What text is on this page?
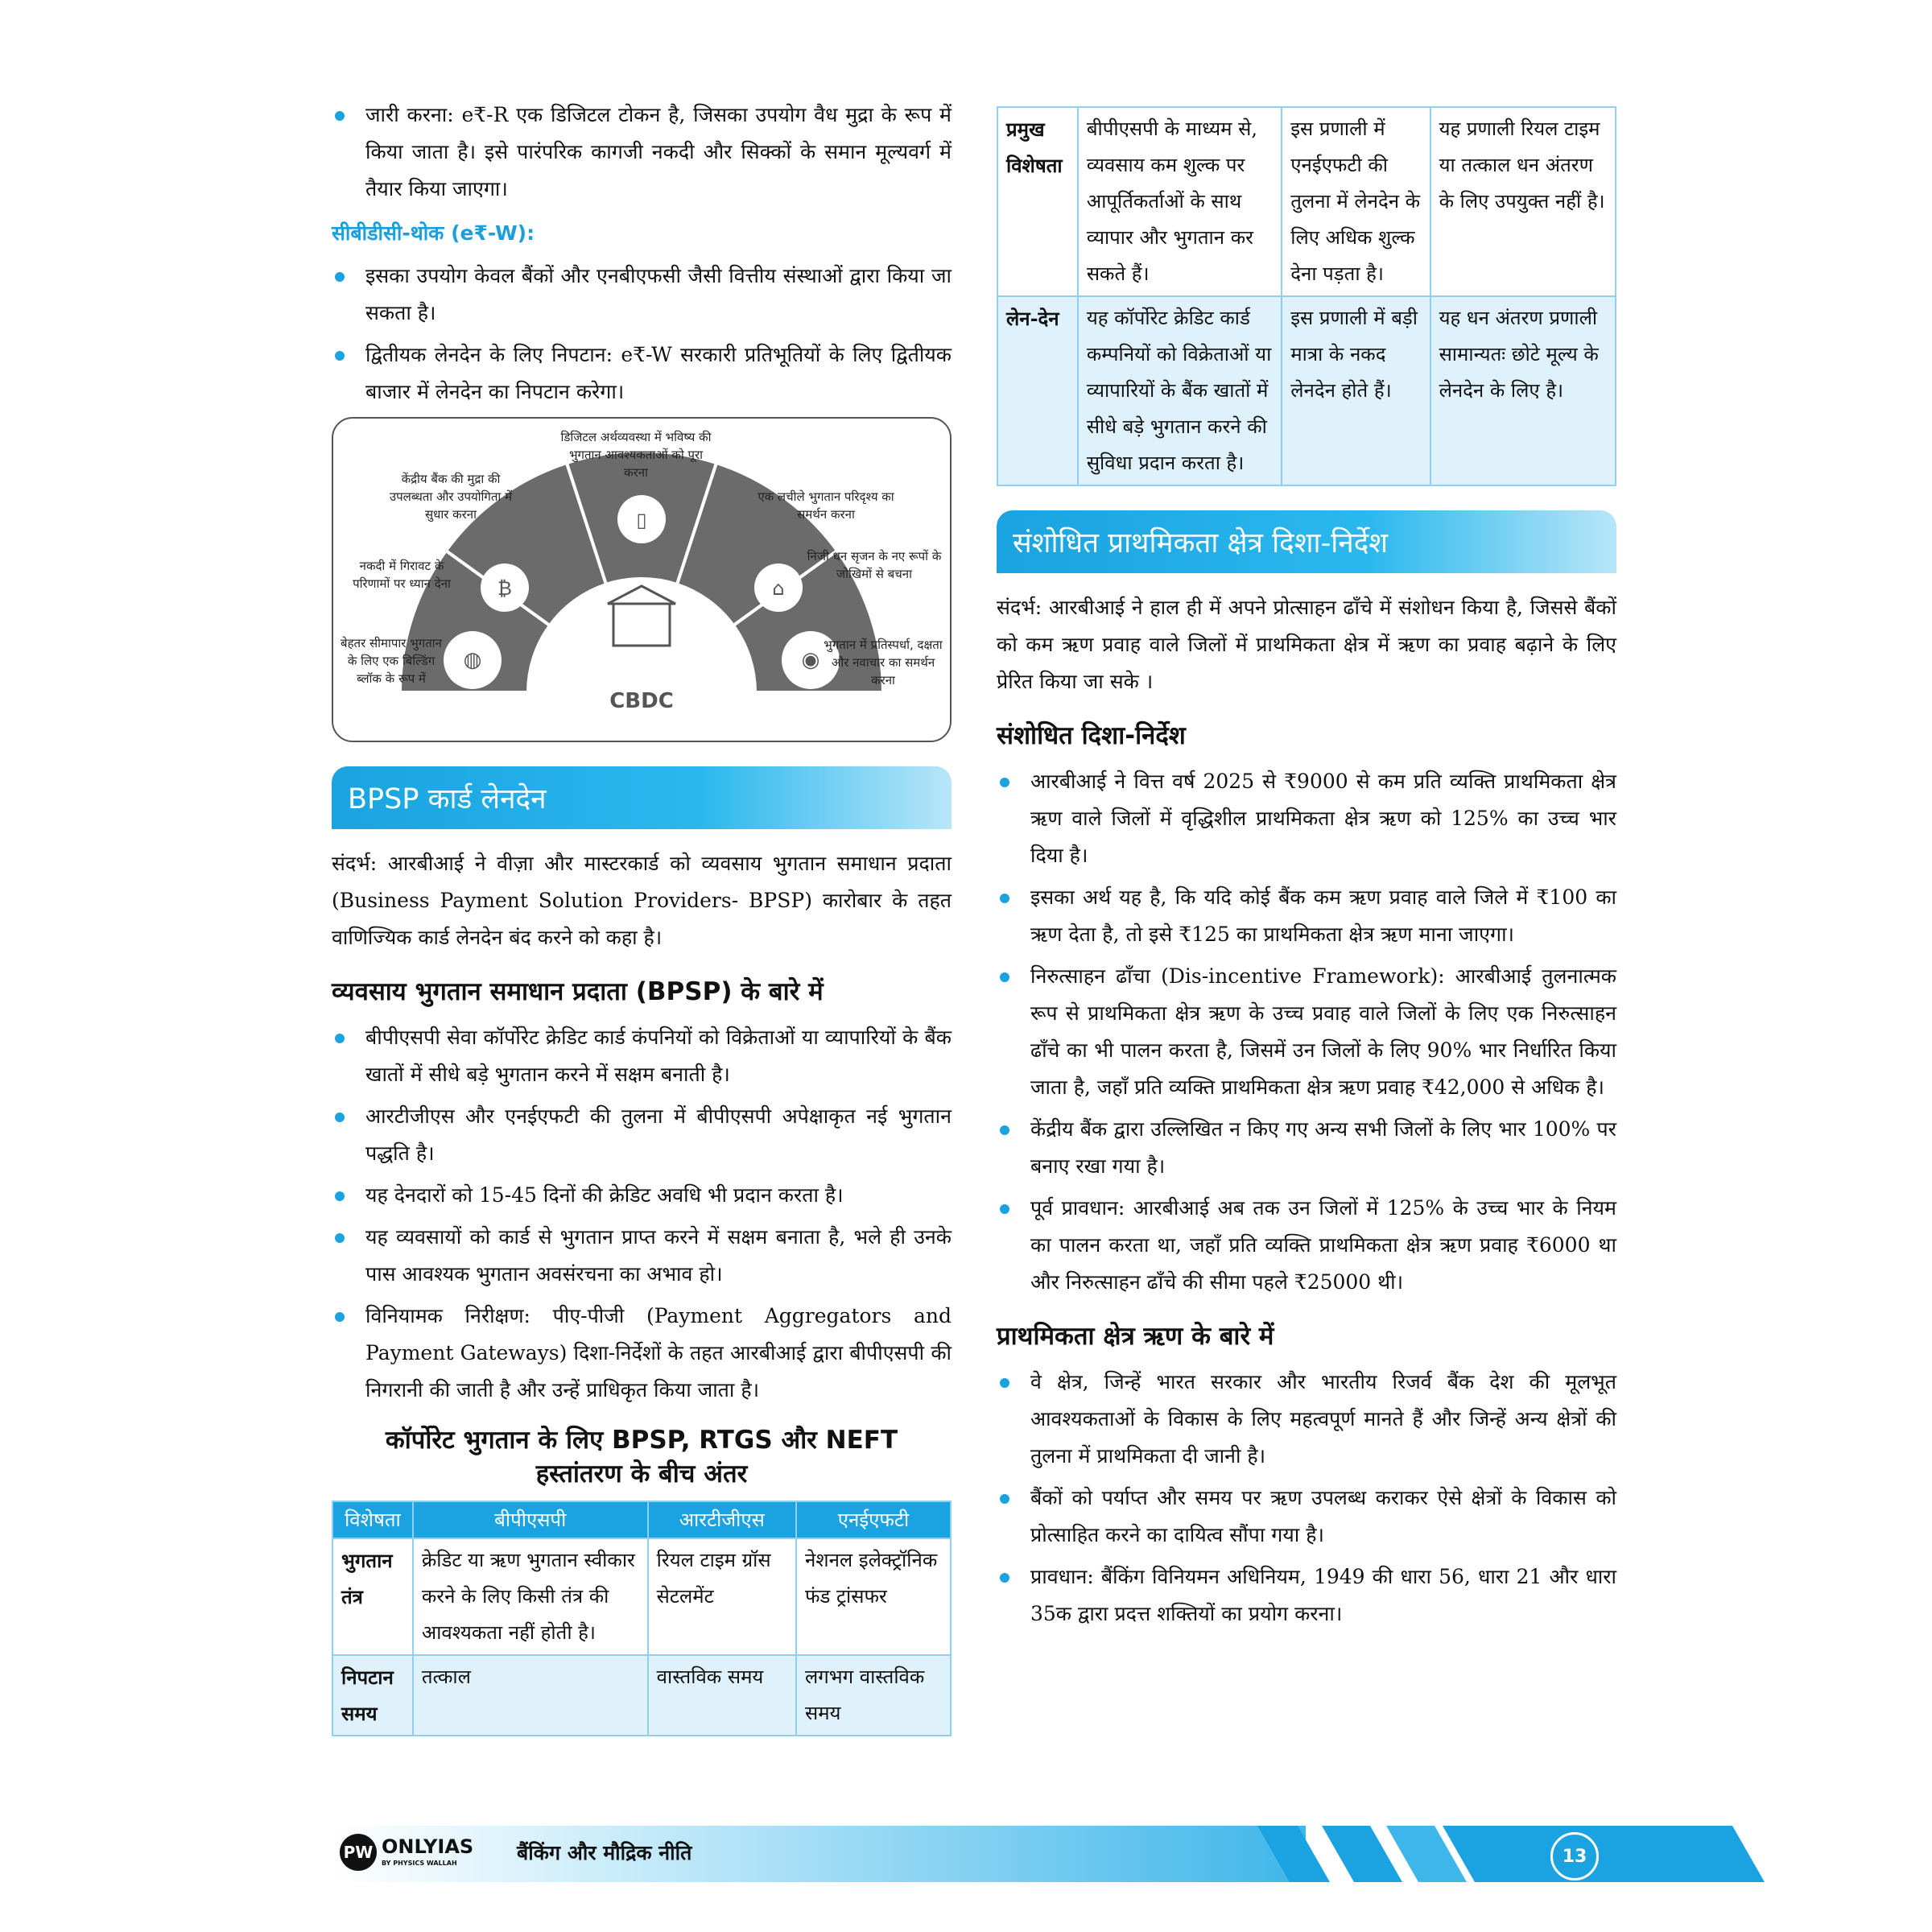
जारी करना: e₹-R एक डिजिटल टोकन है, जिसका उपयोग वैध मुद्रा के रूप में किया जाता है। इसे पारंपरिक कागजी नकदी और सिक्कों के समान मूल्यवर्ग में तैयार किया जाएगा।

सीबीडीसी-थोक (e₹-W):

इसका उपयोग केवल बैंकों और एनबीएफसी जैसी वित्तीय संस्थाओं द्वारा किया जा सकता है।

द्वितीयक लेनदेन के लिए निपटान: e₹-W सरकारी प्रतिभूतियों के लिए द्वितीयक बाजार में लेनदेन का निपटान करेगा।

◍
₿
▯
⌂
◉
CBDC
बेहतर सीमापार भुगतान के लिए एक बिल्डिंग ब्लॉक के रूप में
नकदी में गिरावट के परिणामों पर ध्यान देना
केंद्रीय बैंक की मुद्रा की उपलब्धता और उपयोगिता में सुधार करना
डिजिटल अर्थव्यवस्था में भविष्य की भुगतान आवश्यकताओं को पूरा करना
एक लचीले भुगतान परिदृश्य का समर्थन करना
निजी धन सृजन के नए रूपों के जोखिमों से बचना
भुगतान में प्रतिस्पर्धा, दक्षता और नवाचार का समर्थन करना
BPSP कार्ड लेनदेन

संदर्भ: आरबीआई ने वीज़ा और मास्टरकार्ड को व्यवसाय भुगतान समाधान प्रदाता (Business Payment Solution Providers- BPSP) कारोबार के तहत वाणिज्यिक कार्ड लेनदेन बंद करने को कहा है।

व्यवसाय भुगतान समाधान प्रदाता (BPSP) के बारे में

बीपीएसपी सेवा कॉर्पोरेट क्रेडिट कार्ड कंपनियों को विक्रेताओं या व्यापारियों के बैंक खातों में सीधे बड़े भुगतान करने में सक्षम बनाती है।

आरटीजीएस और एनईएफटी की तुलना में बीपीएसपी अपेक्षाकृत नई भुगतान पद्धति है।

यह देनदारों को 15-45 दिनों की क्रेडिट अवधि भी प्रदान करता है।

यह व्यवसायों को कार्ड से भुगतान प्राप्त करने में सक्षम बनाता है, भले ही उनके पास आवश्यक भुगतान अवसंरचना का अभाव हो।

विनियामक निरीक्षण: पीए-पीजी (Payment Aggregators and Payment Gateways) दिशा-निर्देशों के तहत आरबीआई द्वारा बीपीएसपी की निगरानी की जाती है और उन्हें प्राधिकृत किया जाता है।

कॉर्पोरेट भुगतान के लिए BPSP, RTGS और NEFT
हस्तांतरण के बीच अंतर
विशेषता	बीपीएसपी	आरटीजीएस	एनईएफटी
भुगतान तंत्र	क्रेडिट या ऋण भुगतान स्वीकार करने के लिए किसी तंत्र की आवश्यकता नहीं होती है।	रियल टाइम ग्रॉस सेटलमेंट	नेशनल इलेक्ट्रॉनिक फंड ट्रांसफर
निपटान समय	तत्काल	वास्तविक समय	लगभग वास्तविक समय
प्रमुख विशेषता	बीपीएसपी के माध्यम से, व्यवसाय कम शुल्क पर आपूर्तिकर्ताओं के साथ व्यापार और भुगतान कर सकते हैं।	इस प्रणाली में एनईएफटी की तुलना में लेनदेन के लिए अधिक शुल्क देना पड़ता है।	यह प्रणाली रियल टाइम या तत्काल धन अंतरण के लिए उपयुक्त नहीं है।
लेन-देन	यह कॉर्पोरेट क्रेडिट कार्ड कम्पनियों को विक्रेताओं या व्यापारियों के बैंक खातों में सीधे बड़े भुगतान करने की सुविधा प्रदान करता है।	इस प्रणाली में बड़ी मात्रा के नकद लेनदेन होते हैं।	यह धन अंतरण प्रणाली सामान्यतः छोटे मूल्य के लेनदेन के लिए है।
संशोधित प्राथमिकता क्षेत्र दिशा-निर्देश

संदर्भ: आरबीआई ने हाल ही में अपने प्रोत्साहन ढाँचे में संशोधन किया है, जिससे बैंकों को कम ऋण प्रवाह वाले जिलों में प्राथमिकता क्षेत्र में ऋण का प्रवाह बढ़ाने के लिए प्रेरित किया जा सके ।

संशोधित दिशा-निर्देश

आरबीआई ने वित्त वर्ष 2025 से ₹9000 से कम प्रति व्यक्ति प्राथमिकता क्षेत्र ऋण वाले जिलों में वृद्धिशील प्राथमिकता क्षेत्र ऋण को 125% का उच्च भार दिया है।

इसका अर्थ यह है, कि यदि कोई बैंक कम ऋण प्रवाह वाले जिले में ₹100 का ऋण देता है, तो इसे ₹125 का प्राथमिकता क्षेत्र ऋण माना जाएगा।

निरुत्साहन ढाँचा (Dis-incentive Framework): आरबीआई तुलनात्मक रूप से प्राथमिकता क्षेत्र ऋण के उच्च प्रवाह वाले जिलों के लिए एक निरुत्साहन ढाँचे का भी पालन करता है, जिसमें उन जिलों के लिए 90% भार निर्धारित किया जाता है, जहाँ प्रति व्यक्ति प्राथमिकता क्षेत्र ऋण प्रवाह ₹42,000 से अधिक है।

केंद्रीय बैंक द्वारा उल्लिखित न किए गए अन्य सभी जिलों के लिए भार 100% पर बनाए रखा गया है।

पूर्व प्रावधान: आरबीआई अब तक उन जिलों में 125% के उच्च भार के नियम का पालन करता था, जहाँ प्रति व्यक्ति प्राथमिकता क्षेत्र ऋण प्रवाह ₹6000 था और निरुत्साहन ढाँचे की सीमा पहले ₹25000 थी।

प्राथमिकता क्षेत्र ऋण के बारे में

वे क्षेत्र, जिन्हें भारत सरकार और भारतीय रिजर्व बैंक देश की मूलभूत आवश्यकताओं के विकास के लिए महत्वपूर्ण मानते हैं और जिन्हें अन्य क्षेत्रों की तुलना में प्राथमिकता दी जानी है।

बैंकों को पर्याप्त और समय पर ऋण उपलब्ध कराकर ऐसे क्षेत्रों के विकास को प्रोत्साहित करने का दायित्व सौंपा गया है।

प्रावधान: बैंकिंग विनियमन अधिनियम, 1949 की धारा 56, धारा 21 और धारा 35क द्वारा प्रदत्त शक्तियों का प्रयोग करना।

PW ONLYIAS
BY PHYSICS WALLAH	बैंकिंग और मौद्रिक नीति	13
